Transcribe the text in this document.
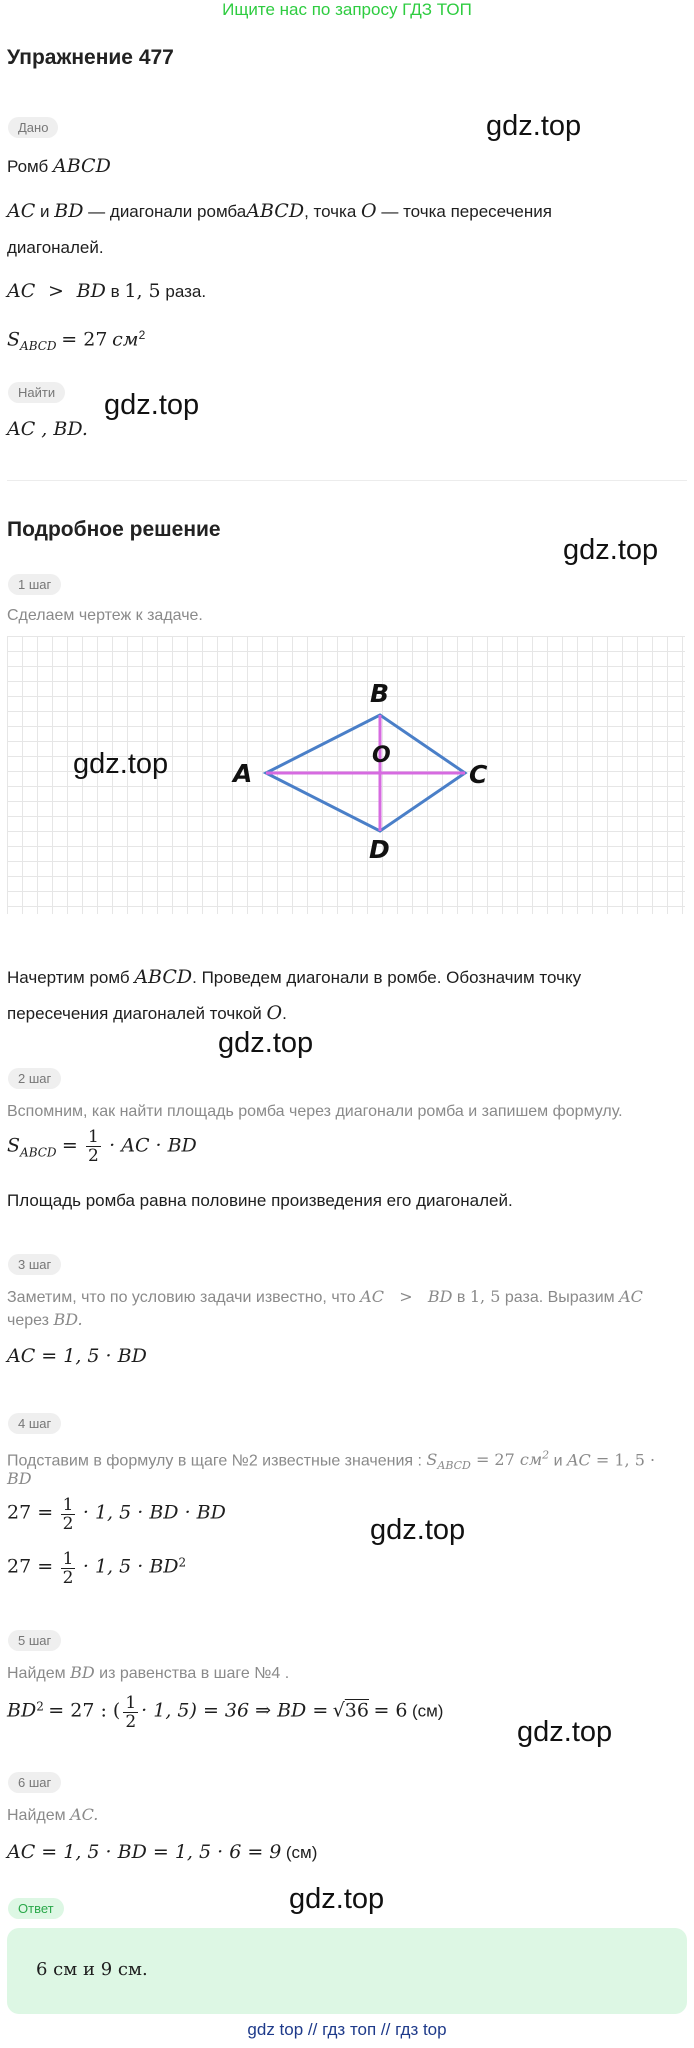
Ищите нас по запросу ГДЗ ТОП
Упражнение 477
Дано	gdz.top
Ромб ABCD
AC и BD — диагонали ромбаABCD, точка O — точка пересечения
диагоналей.
AC > BD в 1, 5 раза.
$S_{ABCD} = 27$ $см^2$
Найти
AC , BD.
gdz.top
Подробное решение
gdz.top
1 шаг
Сделаем чертеж к задаче.
A
B
C
D
O
gdz.top
Начертим ромб ABCD. Проведем диагонали в ромбе. Обозначим точку
пересечения диагоналей точкой O.
gdz.top
2 шаг
Вспомним, как найти площадь ромба через диагонали ромба и запишем формулу.
$S_{ABCD} = \frac{1}{2}$ · AC · BD
Площадь ромба равна половине произведения его диагоналей.
3 шаг
Заметим, что по условию задачи известно, что AC   >   BD в 1, 5 раза. Выразим AC
через BD.
AC = 1, 5 · BD
4 шаг
Подставим в формулу в щаге №2 известные значения : $S_{ABCD} = 27$ $см^2$ и AC = 1, 5 ·
BD
$27 = \frac{1}{2} \cdot 1$, 5 · BD · BD
$27 = \frac{1}{2} \cdot 1$, $5 \cdot BD^2$
gdz.top
5 шаг
Найдем BD из равенства в шаге №4 .
$BD^2 = 27$ : ( $\frac{1}{2} \cdot 1$, 5) = 36 ⇒ BD = √36 = 6 (см)
gdz.top
6 шаг
Найдем AC.
AC = 1, 5 · BD = 1, 5 · 6 = 9 (см)
Ответ	gdz.top
6 см и 9 см.
gdz top // гдз топ // гдз top
